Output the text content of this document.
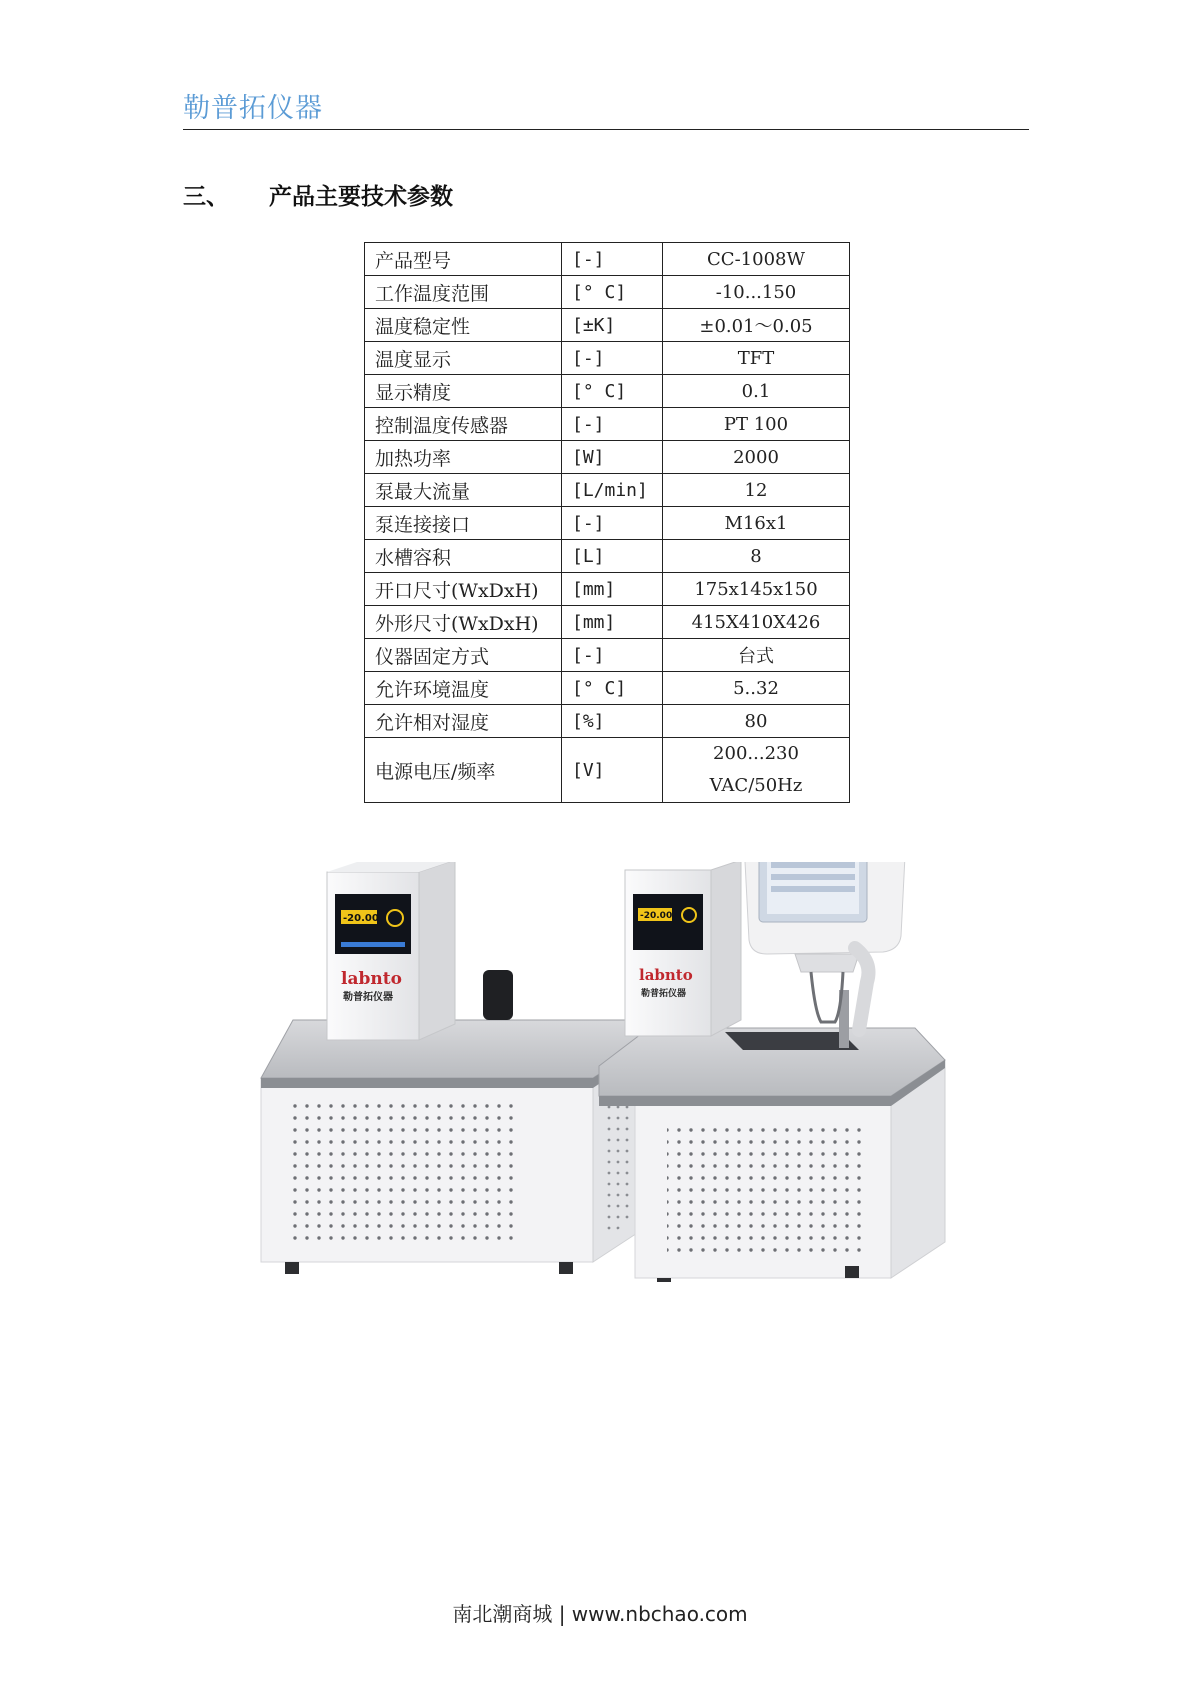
勒普拓仪器
三、 产品主要技术参数
产品型号	[-]	CC-1008W
工作温度范围	[° C]	-10...150
温度稳定性	[±K]	±0.01～0.05
温度显示	[-]	TFT
显示精度	[° C]	0.1
控制温度传感器	[-]	PT 100
加热功率	[W]	2000
泵最大流量	[L/min]	12
泵连接接口	[-]	M16x1
水槽容积	[L]	8
开口尺寸(WxDxH)	[mm]	175x145x150
外形尺寸(WxDxH)	[mm]	415X410X426
仪器固定方式	[-]	台式
允许环境温度	[° C]	5..32
允许相对湿度	[%]	80
电源电压/频率	[V]	200...230
VAC/50Hz
-20.00
labnto
勒普拓仪器
-20.00
labnto
勒普拓仪器
南北潮商城 | www.nbchao.com
